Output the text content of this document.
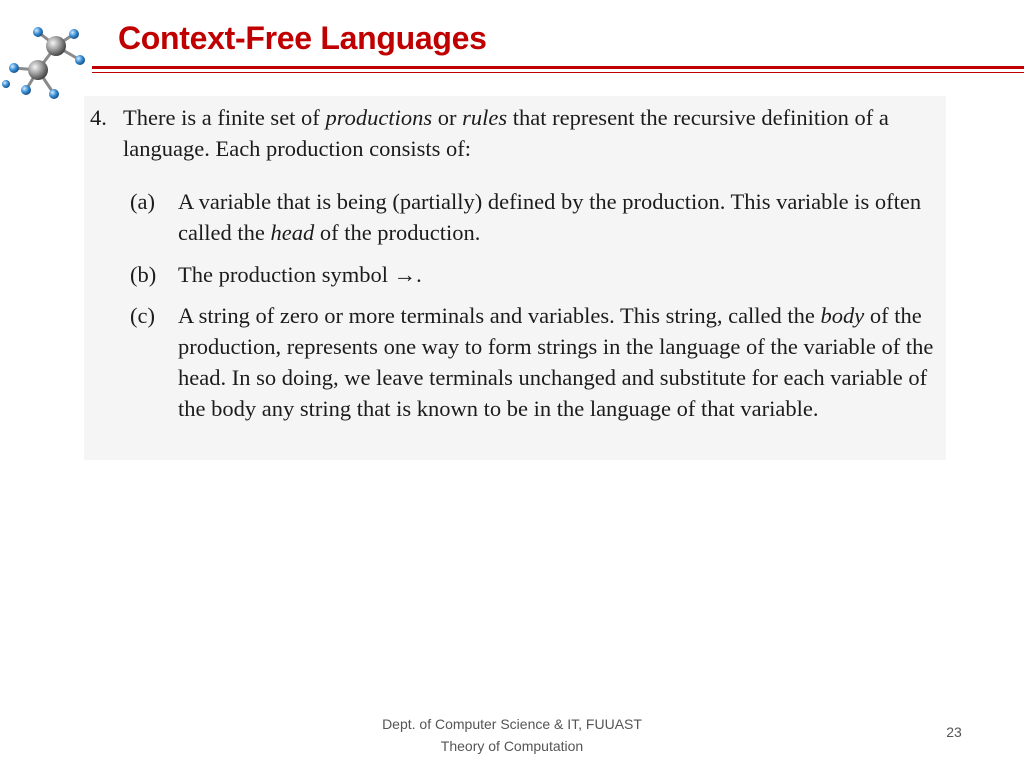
Context-Free Languages
4. There is a finite set of productions or rules that represent the recursive definition of a language. Each production consists of:
(a) A variable that is being (partially) defined by the production. This variable is often called the head of the production.
(b) The production symbol →.
(c) A string of zero or more terminals and variables. This string, called the body of the production, represents one way to form strings in the language of the variable of the head. In so doing, we leave terminals unchanged and substitute for each variable of the body any string that is known to be in the language of that variable.
Dept. of Computer Science & IT, FUUAST
Theory of Computation
23
